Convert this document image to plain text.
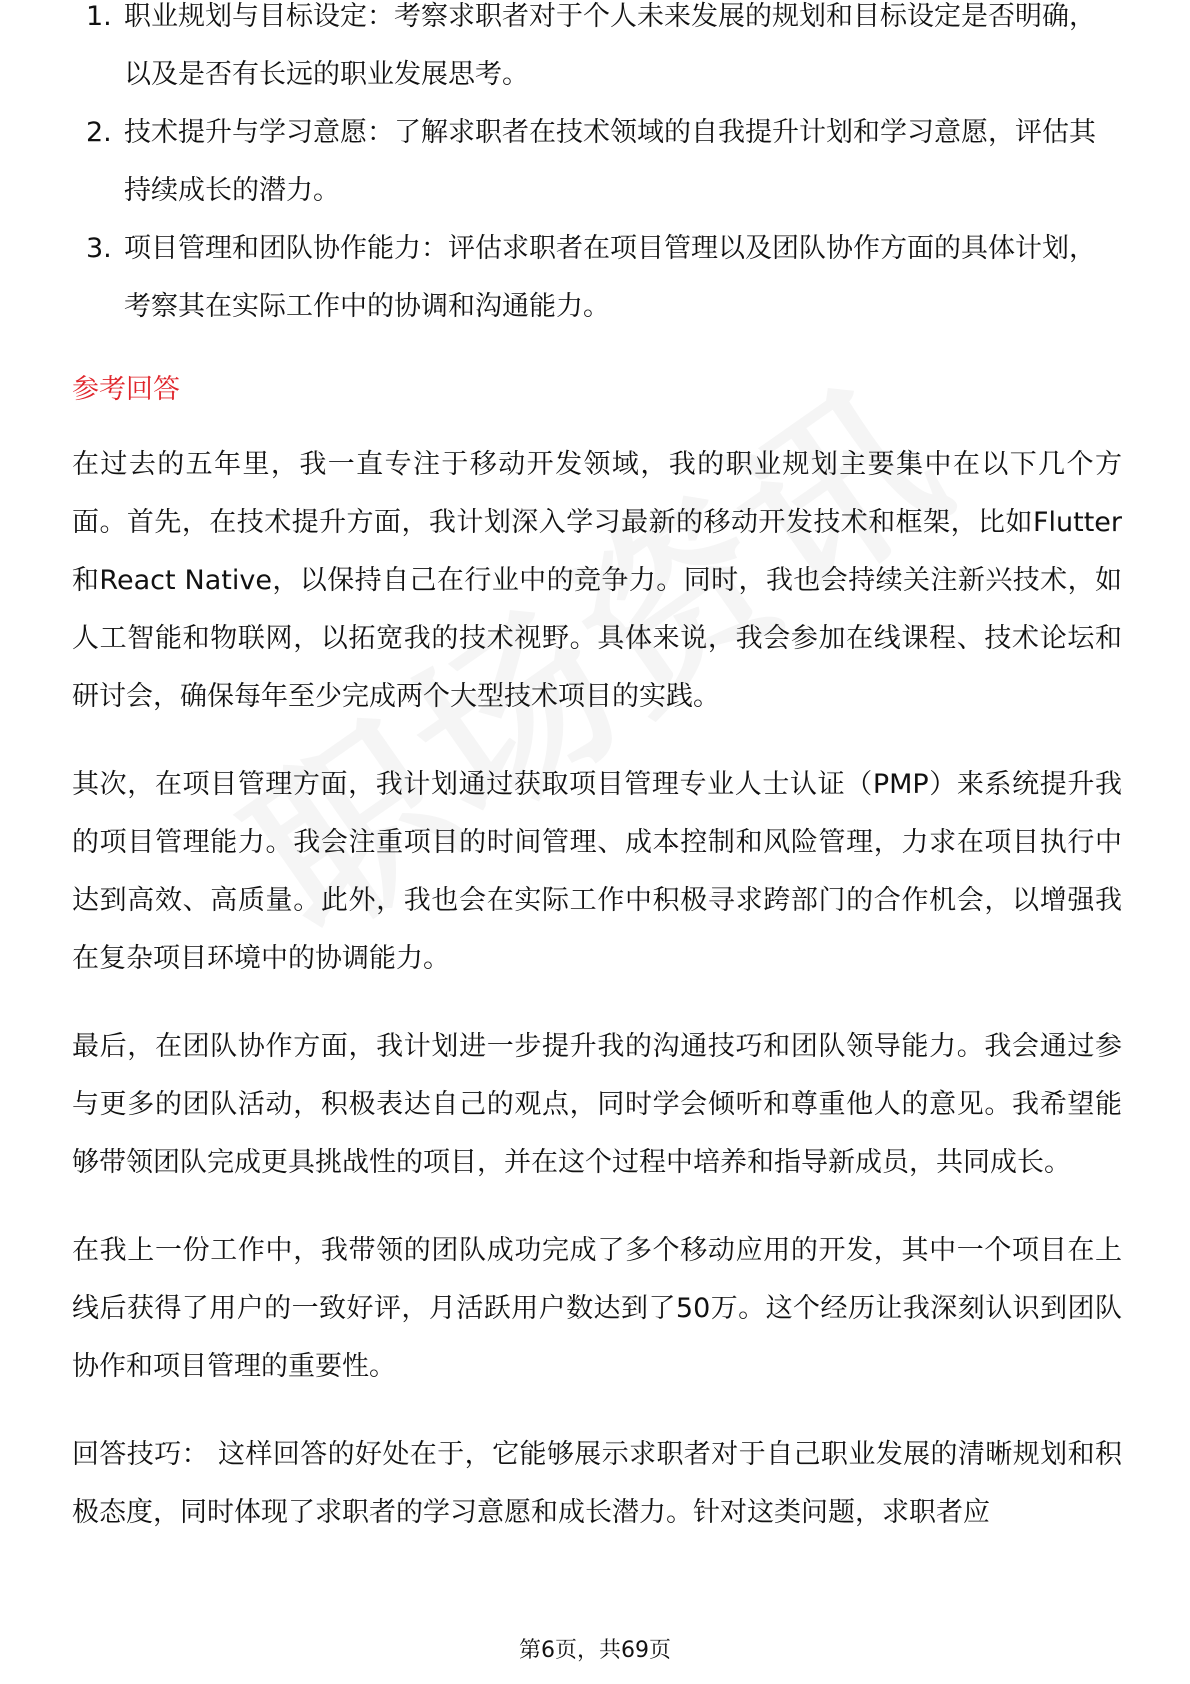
1. 职业规划与目标设定：考察求职者对于个人未来发展的规划和目标设定是否明确，以及是否有长远的职业发展思考。
2. 技术提升与学习意愿：了解求职者在技术领域的自我提升计划和学习意愿，评估其持续成长的潜力。
3. 项目管理和团队协作能力：评估求职者在项目管理以及团队协作方面的具体计划，考察其在实际工作中的协调和沟通能力。
参考回答

在过去的五年里，我一直专注于移动开发领域，我的职业规划主要集中在以下几个方面。首先，在技术提升方面，我计划深入学习最新的移动开发技术和框架，比如Flutter和React Native，以保持自己在行业中的竞争力。同时，我也会持续关注新兴技术，如人工智能和物联网，以拓宽我的技术视野。具体来说，我会参加在线课程、技术论坛和研讨会，确保每年至少完成两个大型技术项目的实践。

其次，在项目管理方面，我计划通过获取项目管理专业人士认证（PMP）来系统提升我的项目管理能力。我会注重项目的时间管理、成本控制和风险管理，力求在项目执行中达到高效、高质量。此外，我也会在实际工作中积极寻求跨部门的合作机会，以增强我在复杂项目环境中的协调能力。

最后，在团队协作方面，我计划进一步提升我的沟通技巧和团队领导能力。我会通过参与更多的团队活动，积极表达自己的观点，同时学会倾听和尊重他人的意见。我希望能够带领团队完成更具挑战性的项目，并在这个过程中培养和指导新成员，共同成长。

在我上一份工作中，我带领的团队成功完成了多个移动应用的开发，其中一个项目在上线后获得了用户的一致好评，月活跃用户数达到了50万。这个经历让我深刻认识到团队协作和项目管理的重要性。

回答技巧： 这样回答的好处在于，它能够展示求职者对于自己职业发展的清晰规划和积极态度，同时体现了求职者的学习意愿和成长潜力。针对这类问题，求职者应

第6页，共69页
